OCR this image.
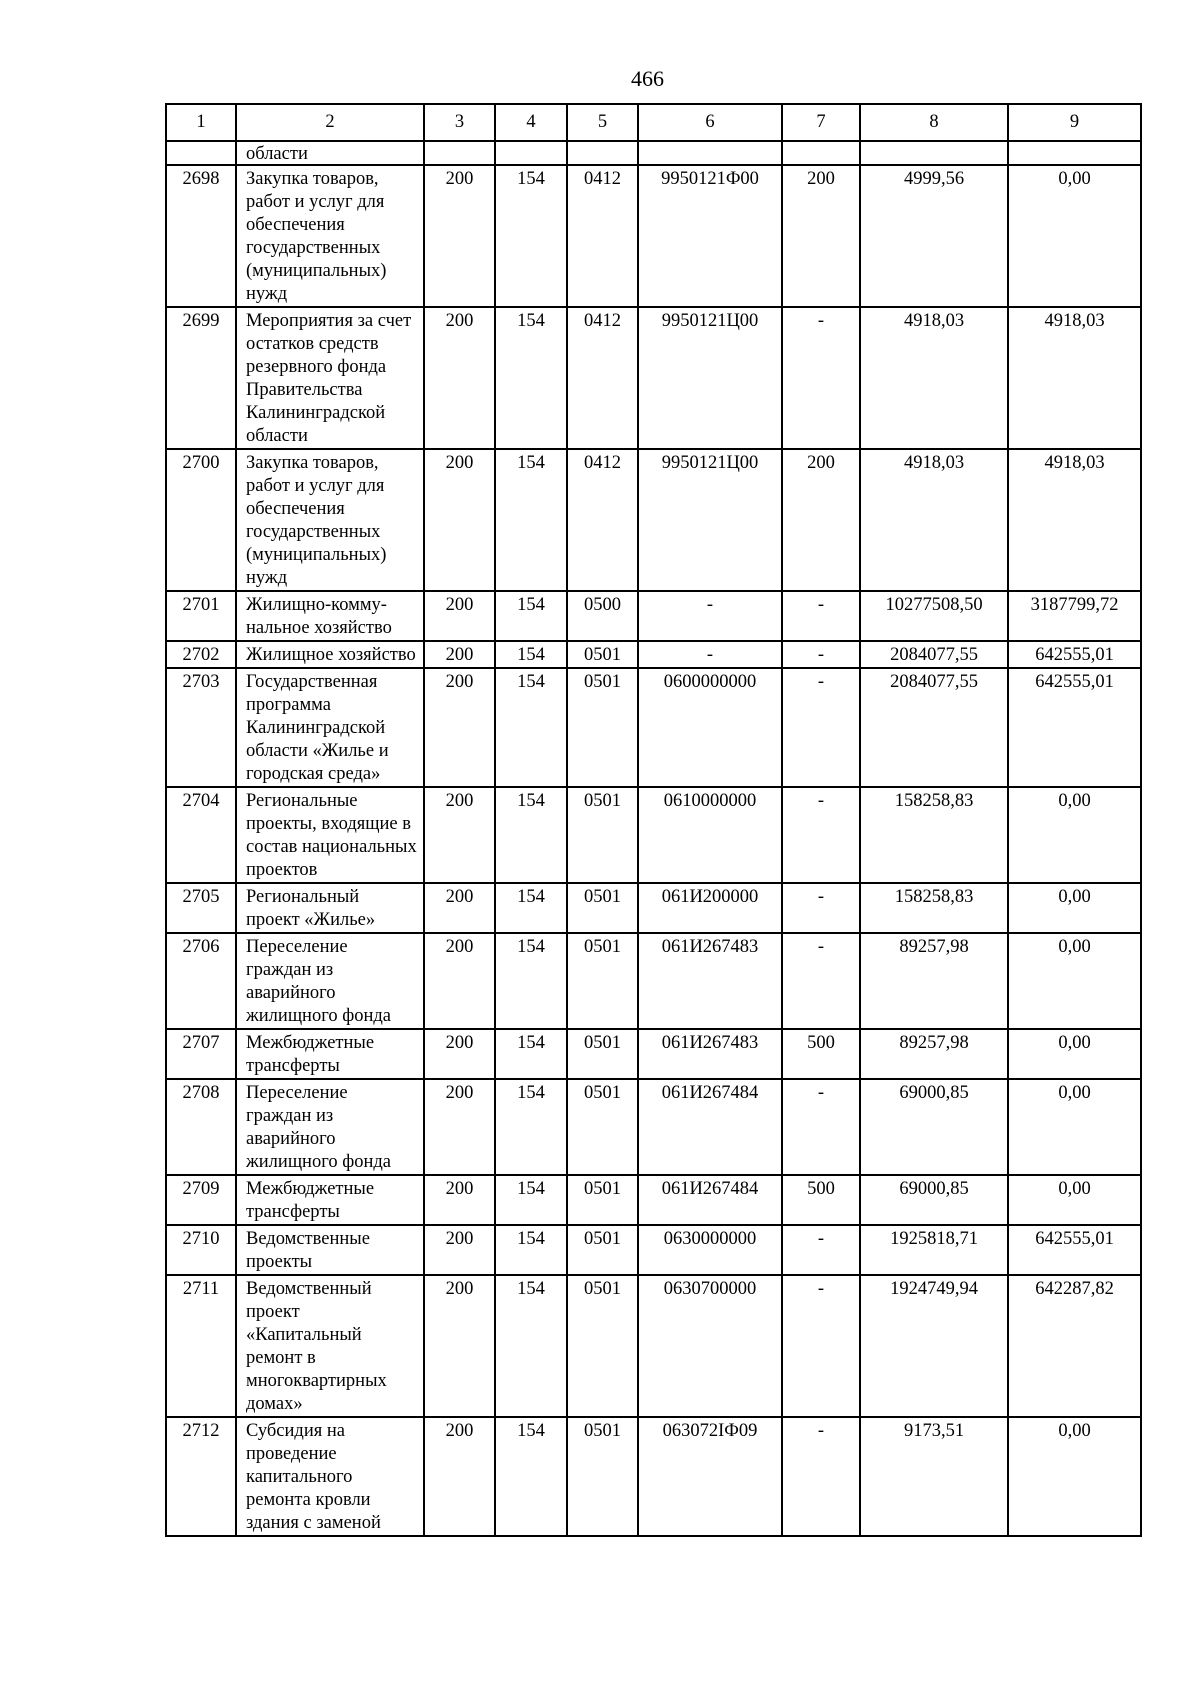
466
1	2	3	4	5	6	7	8	9
	области							
2698	Закупка товаров, работ и услуг для обеспечения государственных (муниципальных) нужд	200	154	0412	9950121Ф00	200	4999,56	0,00
2699	Мероприятия за счет остатков средств резервного фонда Правительства Калининградской области	200	154	0412	9950121Ц00	-	4918,03	4918,03
2700	Закупка товаров, работ и услуг для обеспечения государственных (муниципальных) нужд	200	154	0412	9950121Ц00	200	4918,03	4918,03
2701	Жилищно-комму-нальное хозяйство	200	154	0500	-	-	10277508,50	3187799,72
2702	Жилищное хозяйство	200	154	0501	-	-	2084077,55	642555,01
2703	Государственная программа Калининградской области «Жилье и городская среда»	200	154	0501	0600000000	-	2084077,55	642555,01
2704	Региональные проекты, входящие в состав национальных проектов	200	154	0501	0610000000	-	158258,83	0,00
2705	Региональный проект «Жилье»	200	154	0501	061И200000	-	158258,83	0,00
2706	Переселение граждан из аварийного жилищного фонда	200	154	0501	061И267483	-	89257,98	0,00
2707	Межбюджетные трансферты	200	154	0501	061И267483	500	89257,98	0,00
2708	Переселение граждан из аварийного жилищного фонда	200	154	0501	061И267484	-	69000,85	0,00
2709	Межбюджетные трансферты	200	154	0501	061И267484	500	69000,85	0,00
2710	Ведомственные проекты	200	154	0501	0630000000	-	1925818,71	642555,01
2711	Ведомственный проект «Капитальный ремонт в многоквартирных домах»	200	154	0501	0630700000	-	1924749,94	642287,82
2712	Субсидия на проведение капитального ремонта кровли здания с заменой	200	154	0501	063072IФ09	-	9173,51	0,00
